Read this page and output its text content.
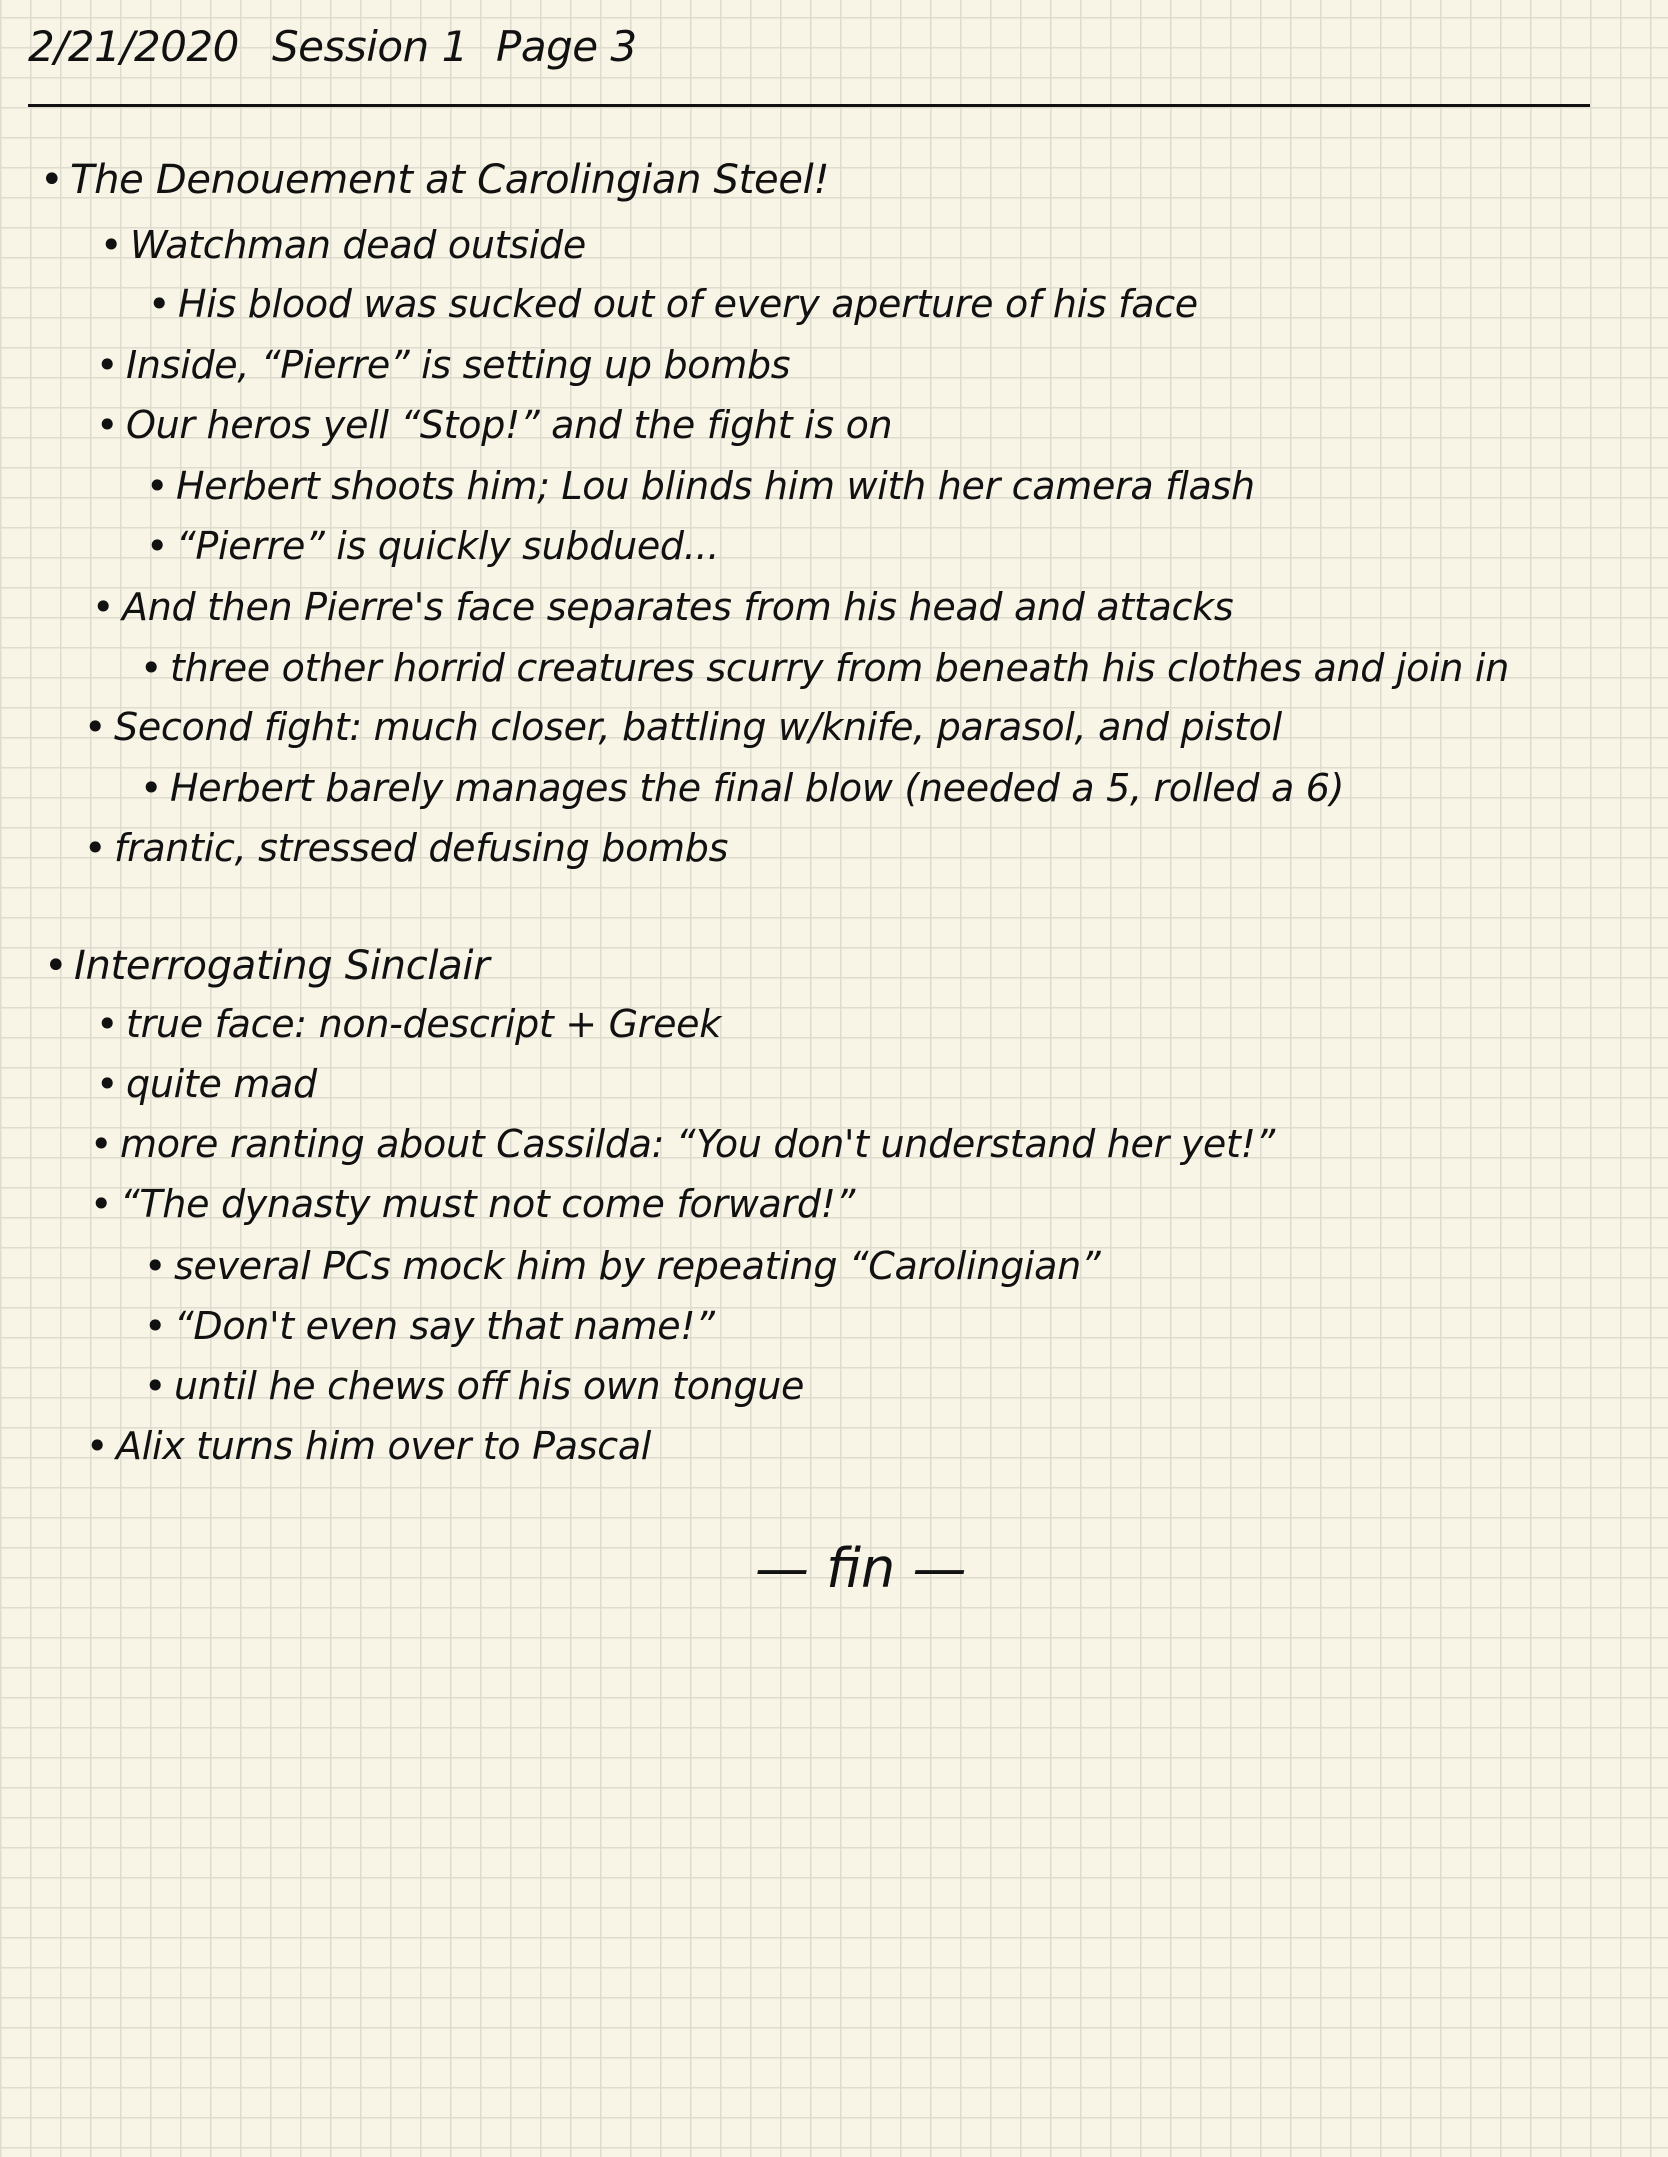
2/21/2020 Session 1 Page 3
• The Denouement at Carolingian Steel!
• Watchman dead outside
• His blood was sucked out of every aperture of his face
• Inside, “Pierre” is setting up bombs
• Our heros yell “Stop!” and the fight is on
• Herbert shoots him; Lou blinds him with her camera flash
• “Pierre” is quickly subdued...
• And then Pierre's face separates from his head and attacks
• three other horrid creatures scurry from beneath his clothes and join in
• Second fight: much closer, battling w/knife, parasol, and pistol
• Herbert barely manages the final blow (needed a 5, rolled a 6)
• frantic, stressed defusing bombs
• Interrogating Sinclair
• true face: non-descript + Greek
• quite mad
• more ranting about Cassilda: “You don't understand her yet!”
• “The dynasty must not come forward!”
• several PCs mock him by repeating “Carolingian”
• “Don't even say that name!”
• until he chews off his own tongue
• Alix turns him over to Pascal
— fin —
